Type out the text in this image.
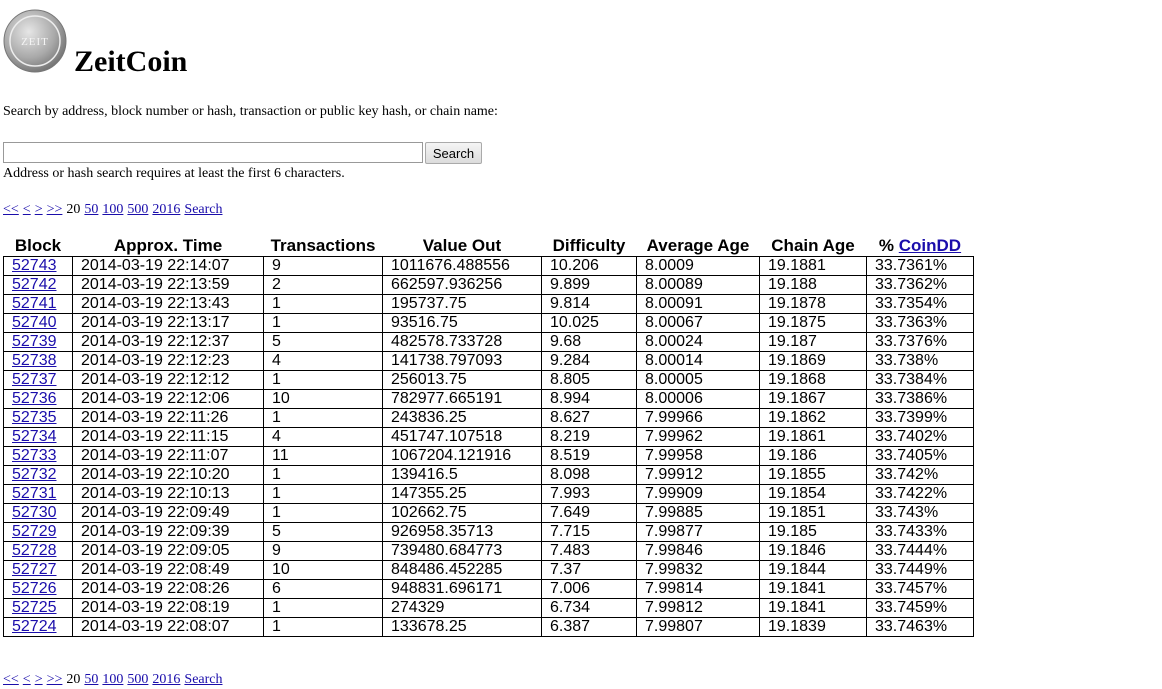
ZEIT
ZeitCoin
Search by address, block number or hash, transaction or public key hash, or chain name:
Search
Address or hash search requires at least the first 6 characters.
<< < > >> 20 50 100 500 2016 Search
Block	Approx. Time	Transactions	Value Out	Difficulty	Average Age	Chain Age	% CoinDD
52743	2014-03-19 22:14:07	9	1011676.488556	10.206	8.0009	19.1881	33.7361%
52742	2014-03-19 22:13:59	2	662597.936256	9.899	8.00089	19.188	33.7362%
52741	2014-03-19 22:13:43	1	195737.75	9.814	8.00091	19.1878	33.7354%
52740	2014-03-19 22:13:17	1	93516.75	10.025	8.00067	19.1875	33.7363%
52739	2014-03-19 22:12:37	5	482578.733728	9.68	8.00024	19.187	33.7376%
52738	2014-03-19 22:12:23	4	141738.797093	9.284	8.00014	19.1869	33.738%
52737	2014-03-19 22:12:12	1	256013.75	8.805	8.00005	19.1868	33.7384%
52736	2014-03-19 22:12:06	10	782977.665191	8.994	8.00006	19.1867	33.7386%
52735	2014-03-19 22:11:26	1	243836.25	8.627	7.99966	19.1862	33.7399%
52734	2014-03-19 22:11:15	4	451747.107518	8.219	7.99962	19.1861	33.7402%
52733	2014-03-19 22:11:07	11	1067204.121916	8.519	7.99958	19.186	33.7405%
52732	2014-03-19 22:10:20	1	139416.5	8.098	7.99912	19.1855	33.742%
52731	2014-03-19 22:10:13	1	147355.25	7.993	7.99909	19.1854	33.7422%
52730	2014-03-19 22:09:49	1	102662.75	7.649	7.99885	19.1851	33.743%
52729	2014-03-19 22:09:39	5	926958.35713	7.715	7.99877	19.185	33.7433%
52728	2014-03-19 22:09:05	9	739480.684773	7.483	7.99846	19.1846	33.7444%
52727	2014-03-19 22:08:49	10	848486.452285	7.37	7.99832	19.1844	33.7449%
52726	2014-03-19 22:08:26	6	948831.696171	7.006	7.99814	19.1841	33.7457%
52725	2014-03-19 22:08:19	1	274329	6.734	7.99812	19.1841	33.7459%
52724	2014-03-19 22:08:07	1	133678.25	6.387	7.99807	19.1839	33.7463%
<< < > >> 20 50 100 500 2016 Search
